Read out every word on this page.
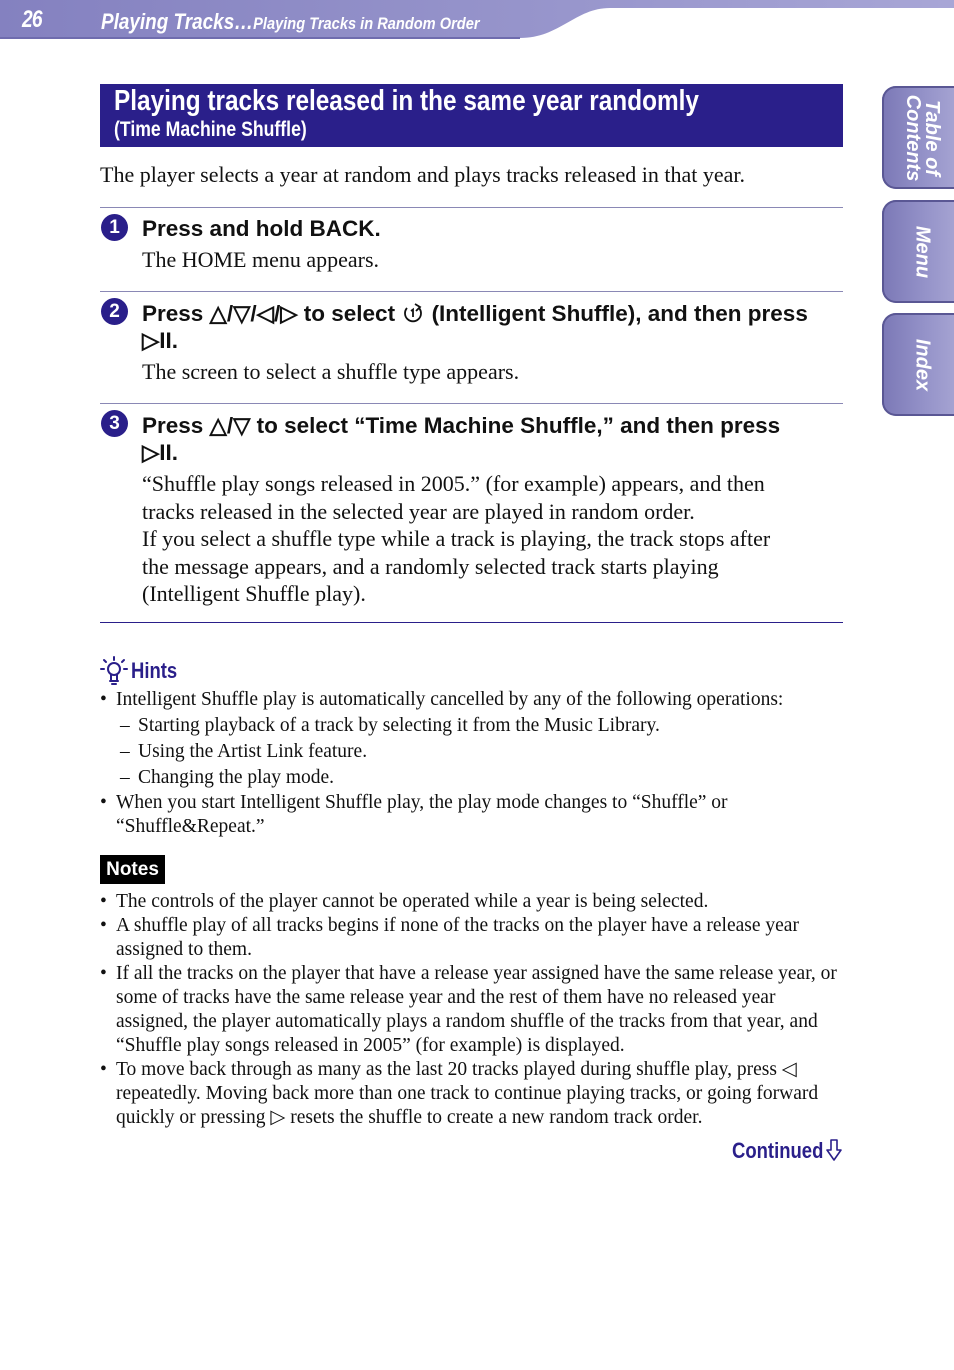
26	Playing Tracks…Playing Tracks in Random Order
Table of
Contents
Menu
Index
Playing tracks released in the same year randomly
(Time Machine Shuffle)
The player selects a year at random and plays tracks released in that year.
1 Press and hold BACK.
The HOME menu appears.
2 Press △/▽/◁/▷ to select  (Intelligent Shuffle), and then press
▷II.
The screen to select a shuffle type appears.
3 Press △/▽ to select “Time Machine Shuffle,” and then press
▷II.
“Shuffle play songs released in 2005.” (for example) appears, and then
tracks released in the selected year are played in random order.
If you select a shuffle type while a track is playing, the track stops after
the message appears, and a randomly selected track starts playing
(Intelligent Shuffle play).
Hints
• Intelligent Shuffle play is automatically cancelled by any of the following operations:
– Starting playback of a track by selecting it from the Music Library.
– Using the Artist Link feature.
– Changing the play mode.
• When you start Intelligent Shuffle play, the play mode changes to “Shuffle” or “Shuffle&Repeat.”
Notes
• The controls of the player cannot be operated while a year is being selected.
• A shuffle play of all tracks begins if none of the tracks on the player have a release year assigned to them.
• If all the tracks on the player that have a release year assigned have the same release year, or some of tracks have the same release year and the rest of them have no released year assigned, the player automatically plays a random shuffle of the tracks from that year, and “Shuffle play songs released in 2005” (for example) is displayed.
• To move back through as many as the last 20 tracks played during shuffle play, press ◁ repeatedly. Moving back more than one track to continue playing tracks, or going forward quickly or pressing ▷ resets the shuffle to create a new random track order.
Continued
